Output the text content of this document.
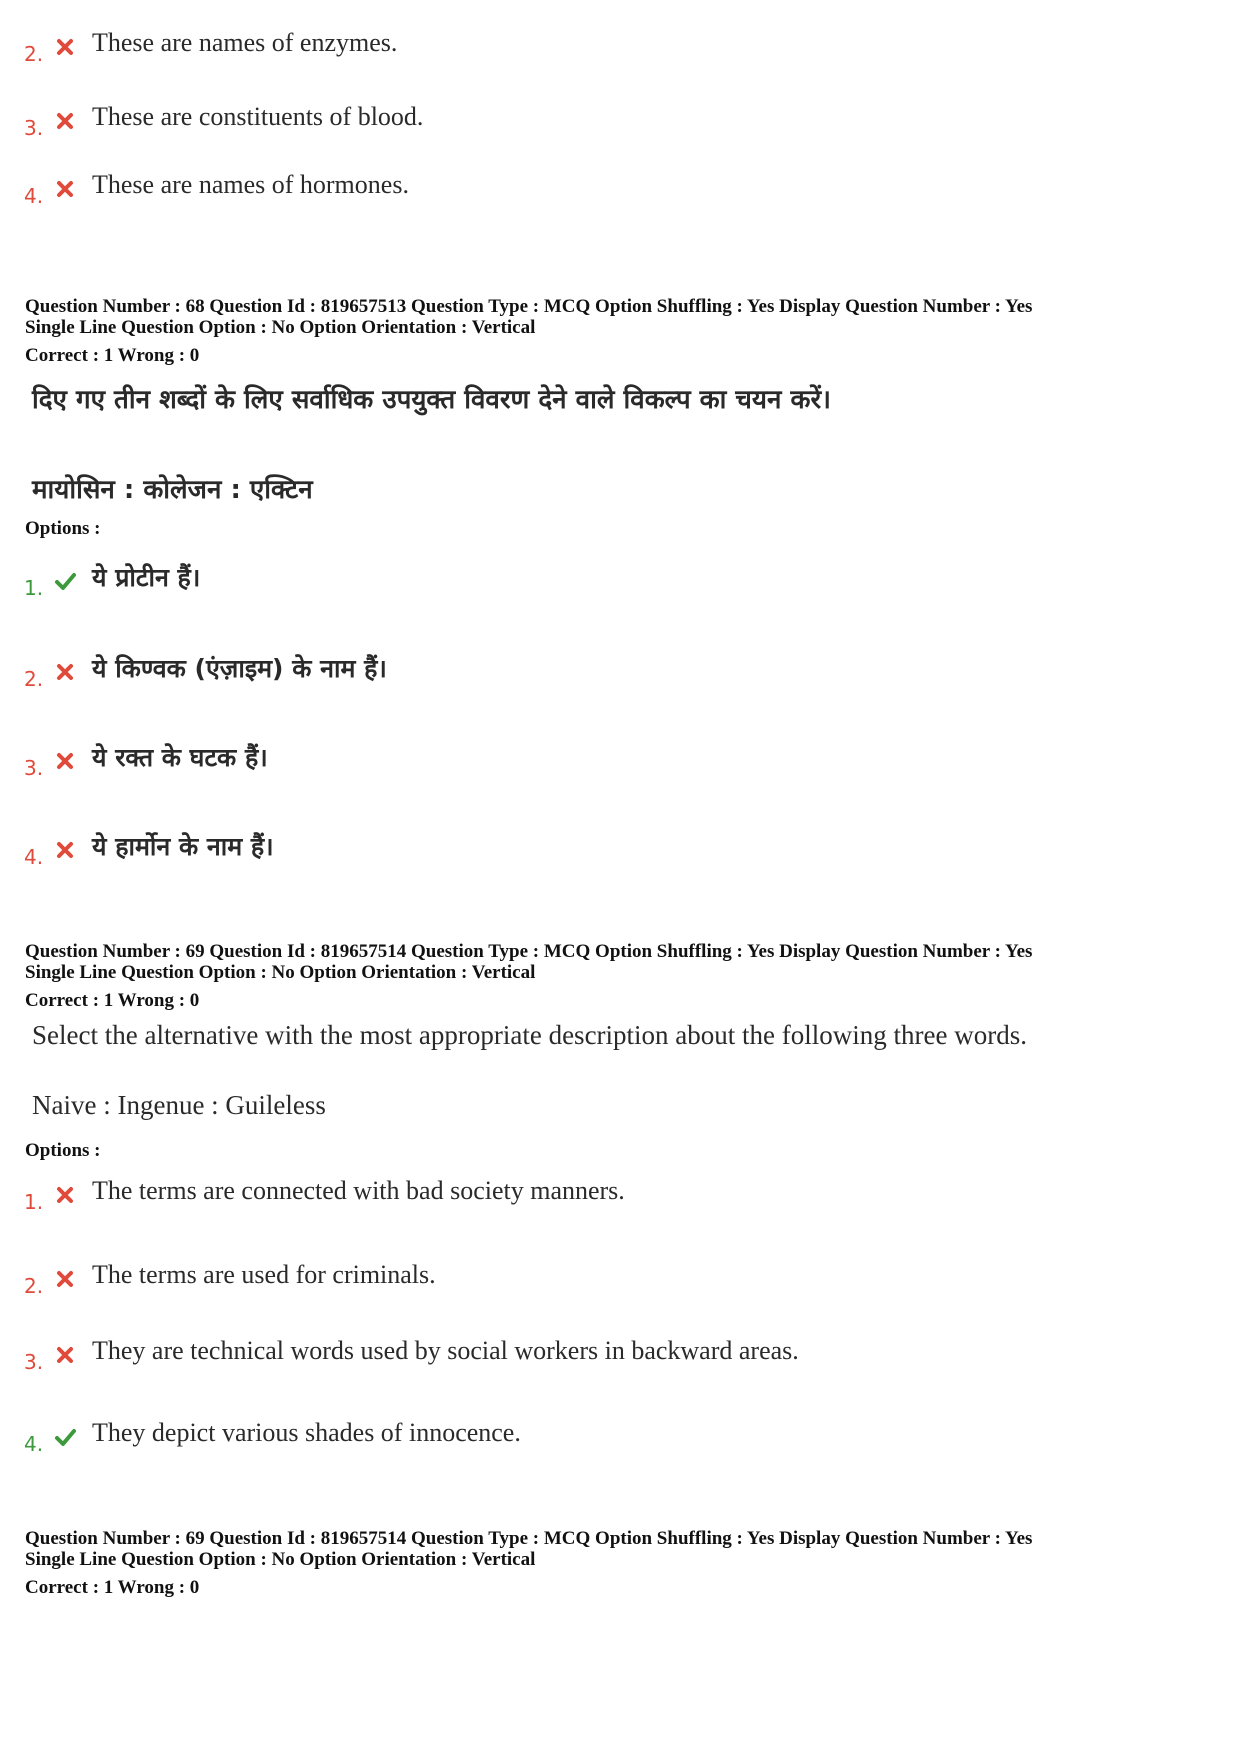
2. These are names of enzymes.
3. These are constituents of blood.
4. These are names of hormones.
Question Number : 68 Question Id : 819657513 Question Type : MCQ Option Shuffling : Yes Display Question Number : Yes
Single Line Question Option : No Option Orientation : Vertical
Correct : 1 Wrong : 0
दिए गए तीन शब्दों के लिए सर्वाधिक उपयुक्त विवरण देने वाले विकल्प का चयन करें।
मायोसिन : कोलेजन : एक्टिन
Options :
1. ये प्रोटीन हैं।
2. ये किण्वक (एंज़ाइम) के नाम हैं।
3. ये रक्त के घटक हैं।
4. ये हार्मोन के नाम हैं।
Question Number : 69 Question Id : 819657514 Question Type : MCQ Option Shuffling : Yes Display Question Number : Yes
Single Line Question Option : No Option Orientation : Vertical
Correct : 1 Wrong : 0
Select the alternative with the most appropriate description about the following three words.
Naive : Ingenue : Guileless
Options :
1. The terms are connected with bad society manners.
2. The terms are used for criminals.
3. They are technical words used by social workers in backward areas.
4. They depict various shades of innocence.
Question Number : 69 Question Id : 819657514 Question Type : MCQ Option Shuffling : Yes Display Question Number : Yes
Single Line Question Option : No Option Orientation : Vertical
Correct : 1 Wrong : 0
